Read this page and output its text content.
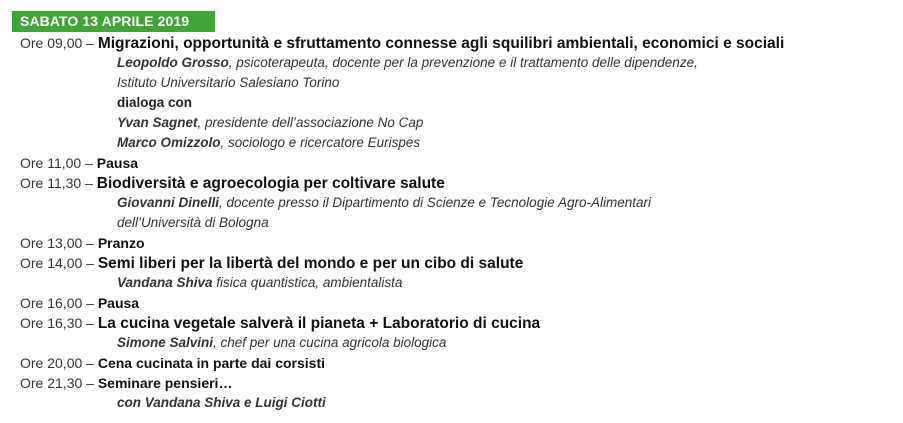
SABATO 13 APRILE 2019
Ore 09,00 – Migrazioni, opportunità e sfruttamento connesse agli squilibri ambientali, economici e sociali
Leopoldo Grosso, psicoterapeuta, docente per la prevenzione e il trattamento delle dipendenze,
Istituto Universitario Salesiano Torino
dialoga con
Yvan Sagnet, presidente dell’associazione No Cap
Marco Omizzolo, sociologo e ricercatore Eurispes
Ore 11,00 – Pausa
Ore 11,30 – Biodiversità e agroecologia per coltivare salute
Giovanni Dinelli, docente presso il Dipartimento di Scienze e Tecnologie Agro-Alimentari
dell’Università di Bologna
Ore 13,00 – Pranzo
Ore 14,00 – Semi liberi per la libertà del mondo e per un cibo di salute
Vandana Shiva fisica quantistica, ambientalista
Ore 16,00 – Pausa
Ore 16,30 – La cucina vegetale salverà il pianeta + Laboratorio di cucina
Simone Salvini, chef per una cucina agricola biologica
Ore 20,00 – Cena cucinata in parte dai corsisti
Ore 21,30 – Seminare pensieri…
con Vandana Shiva e Luigi Ciotti
